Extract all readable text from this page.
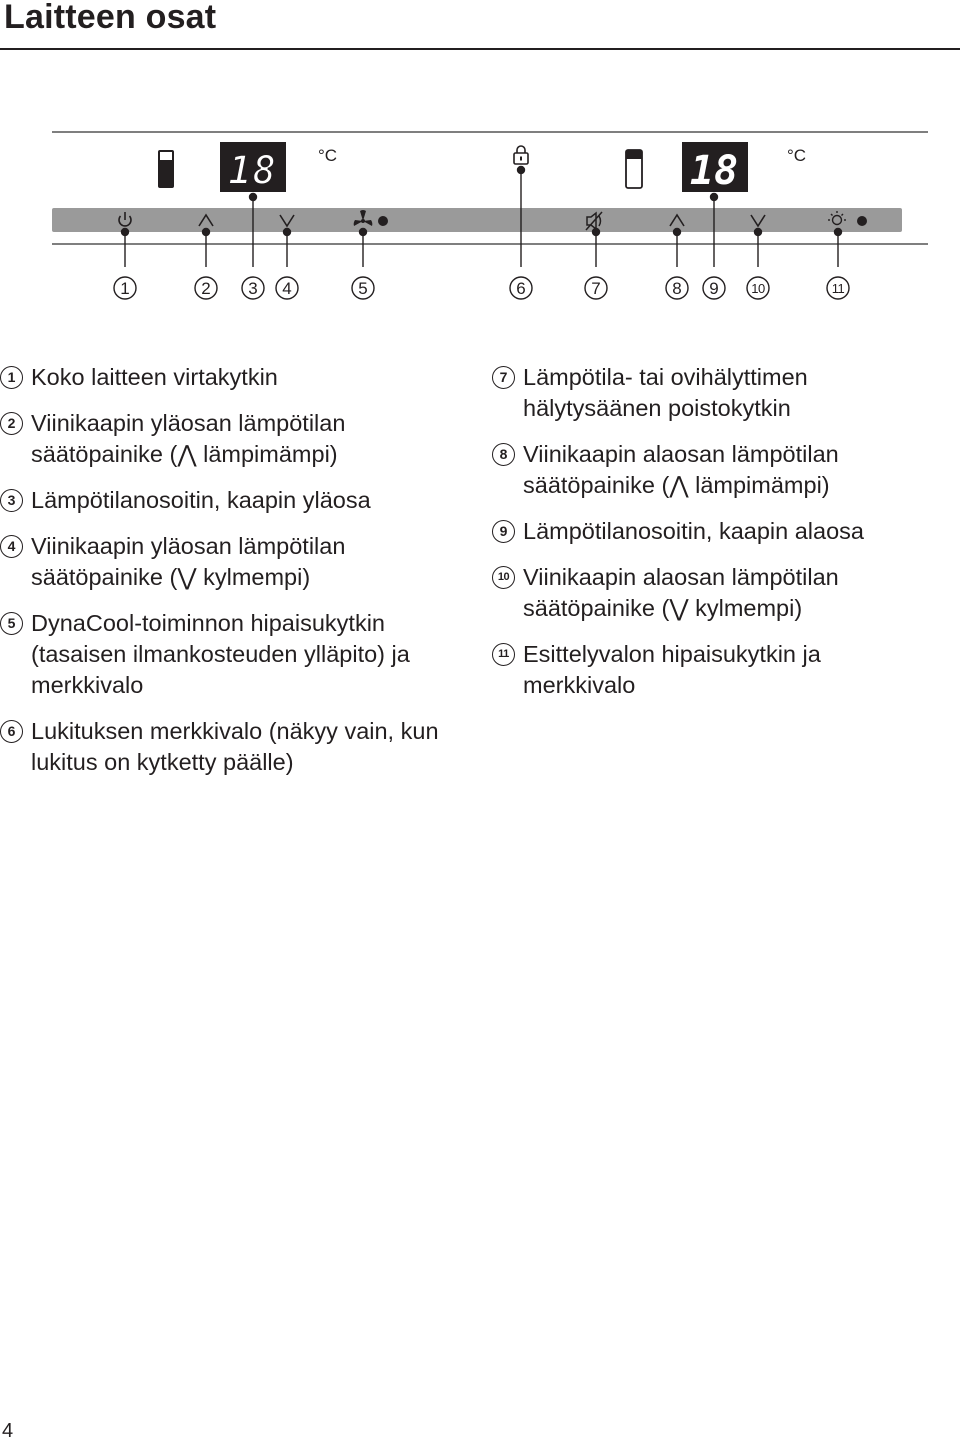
Laitteen osat
18 °C	18	°C
1	2 3 4	5	6	7	8 9	10	11
1 Koko laitteen virtakytkin
2 Viinikaapin yläosan lämpötilan säätöpainike (⋀ lämpimämpi)
3 Lämpötilanosoitin, kaapin yläosa
4 Viinikaapin yläosan lämpötilan säätöpainike (⋁ kylmempi)
5 DynaCool-toiminnon hipaisukytkin (tasaisen ilmankosteuden ylläpito) ja merkkivalo
6 Lukituksen merkkivalo (näkyy vain, kun lukitus on kytketty päälle)
7 Lämpötila- tai ovihälyttimen hälytysäänen poistokytkin
8 Viinikaapin alaosan lämpötilan säätöpainike (⋀ lämpimämpi)
9 Lämpötilanosoitin, kaapin alaosa
10 Viinikaapin alaosan lämpötilan säätöpainike (⋁ kylmempi)
11 Esittelyvalon hipaisukytkin ja merkkivalo
4
